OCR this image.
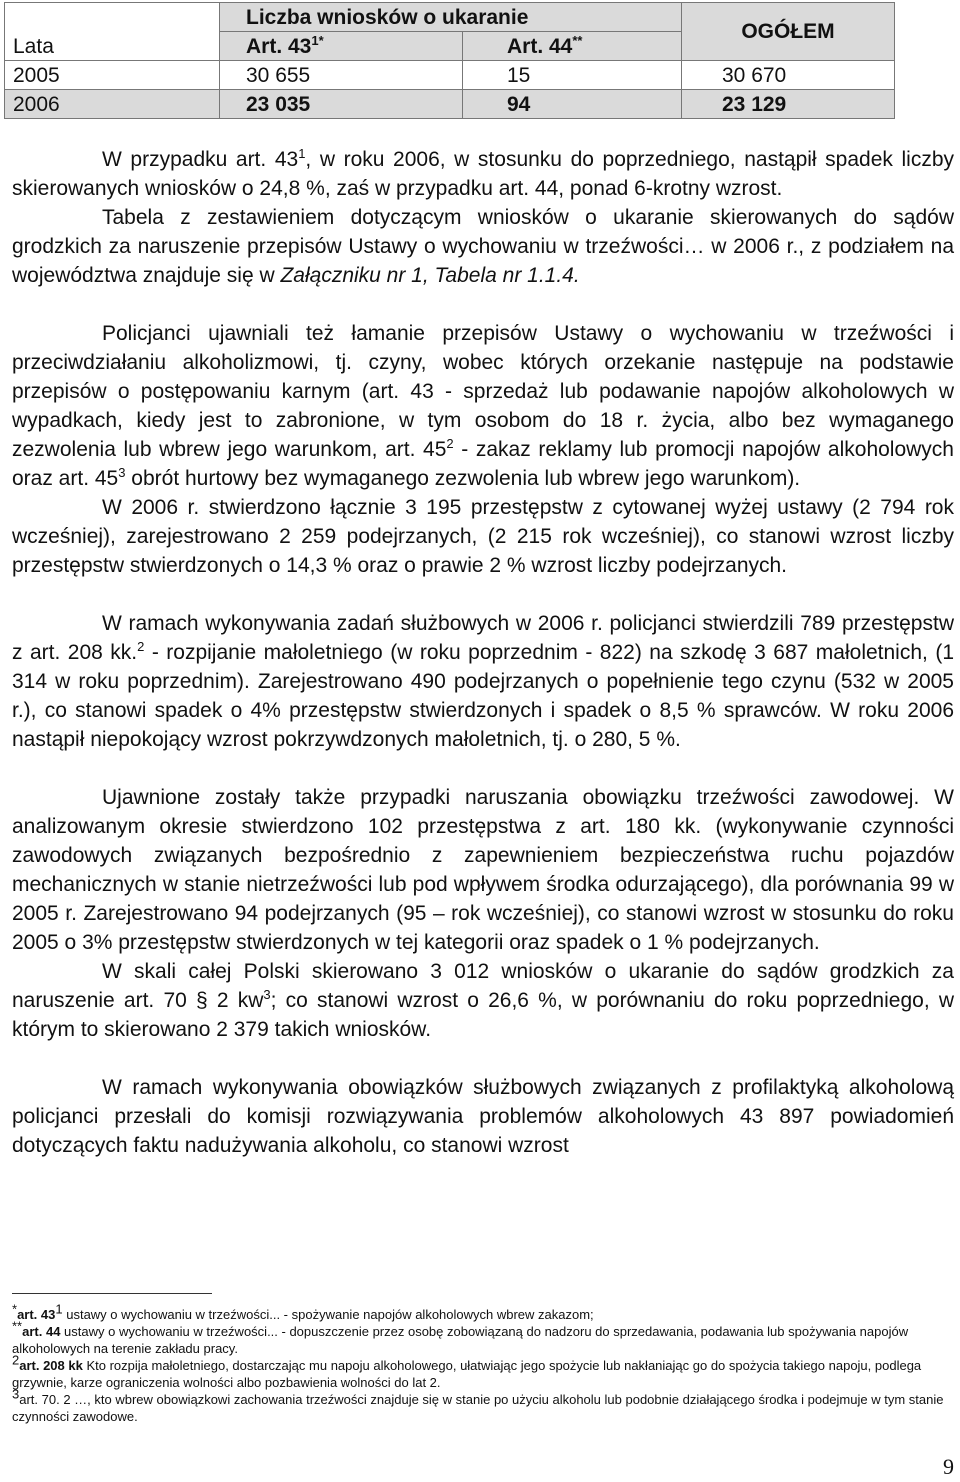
Lata	Liczba wniosków o ukaranie		OGÓŁEM
	Art. $43^{1*}$	Art. 44**
2005	30 655	15	30 670
2006	23 035	94	23 129

W przypadku art. $43^1$, w roku 2006, w stosunku do poprzedniego, nastąpił spadek liczby skierowanych wniosków o 24,8 %, zaś w przypadku art. 44, ponad 6-krotny wzrost.

Tabela z zestawieniem dotyczącym wniosków o ukaranie skierowanych do sądów grodzkich za naruszenie przepisów Ustawy o wychowaniu w trzeźwości… w 2006 r., z podziałem na województwa znajduje się w Załączniku nr 1, Tabela nr 1.1.4.

Policjanci ujawniali też łamanie przepisów Ustawy o wychowaniu w trzeźwości i przeciwdziałaniu alkoholizmowi, tj. czyny, wobec których orzekanie następuje na podstawie przepisów o postępowaniu karnym (art. 43 - sprzedaż lub podawanie napojów alkoholowych w wypadkach, kiedy jest to zabronione, w tym osobom do 18 r. życia, albo bez wymaganego zezwolenia lub wbrew jego warunkom, art. $45^2$ - zakaz reklamy lub promocji napojów alkoholowych oraz art. $45^3$ obrót hurtowy bez wymaganego zezwolenia lub wbrew jego warunkom).

W 2006 r. stwierdzono łącznie 3 195 przestępstw z cytowanej wyżej ustawy (2 794 rok wcześniej), zarejestrowano 2 259 podejrzanych, (2 215 rok wcześniej), co stanowi wzrost liczby przestępstw stwierdzonych o 14,3 % oraz o prawie 2 % wzrost liczby podejrzanych.

W ramach wykonywania zadań służbowych w 2006 r. policjanci stwierdzili 789 przestępstw z art. 208 kk.$^2$ - rozpijanie małoletniego (w roku poprzednim - 822) na szkodę 3 687 małoletnich, (1 314 w roku poprzednim). Zarejestrowano 490 podejrzanych o popełnienie tego czynu (532 w 2005 r.), co stanowi spadek o 4% przestępstw stwierdzonych i spadek o 8,5 % sprawców. W roku 2006 nastąpił niepokojący wzrost pokrzywdzonych małoletnich, tj. o 280, 5 %.

Ujawnione zostały także przypadki naruszania obowiązku trzeźwości zawodowej. W analizowanym okresie stwierdzono 102 przestępstwa z art. 180 kk. (wykonywanie czynności zawodowych związanych bezpośrednio z zapewnieniem bezpieczeństwa ruchu pojazdów mechanicznych w stanie nietrzeźwości lub pod wpływem środka odurzającego), dla porównania 99 w 2005 r. Zarejestrowano 94 podejrzanych (95 – rok wcześniej), co stanowi wzrost w stosunku do roku 2005 o 3% przestępstw stwierdzonych w tej kategorii oraz spadek o 1 % podejrzanych.

W skali całej Polski skierowano 3 012 wniosków o ukaranie do sądów grodzkich za naruszenie art. 70 § 2 $kw^3$; co stanowi wzrost o 26,6 %, w porównaniu do roku poprzedniego, w którym to skierowano 2 379 takich wniosków.

W ramach wykonywania obowiązków służbowych związanych z profilaktyką alkoholową policjanci przesłali do komisji rozwiązywania problemów alkoholowych 43 897 powiadomień dotyczących faktu nadużywania alkoholu, co stanowi wzrost

*art. 431 ustawy o wychowaniu w trzeźwości... - spożywanie napojów alkoholowych wbrew zakazom;

**art. 44 ustawy o wychowaniu w trzeźwości... - dopuszczenie przez osobę zobowiązaną do nadzoru do sprzedawania, podawania lub spożywania napojów alkoholowych na terenie zakładu pracy.

2art. 208 kk Kto rozpija małoletniego, dostarczając mu napoju alkoholowego, ułatwiając jego spożycie lub nakłaniając go do spożycia takiego napoju, podlega grzywnie, karze ograniczenia wolności albo pozbawienia wolności do lat 2.

3art. 70. 2 …, kto wbrew obowiązkowi zachowania trzeźwości znajduje się w stanie po użyciu alkoholu lub podobnie działającego środka i podejmuje w tym stanie czynności zawodowe.

9
